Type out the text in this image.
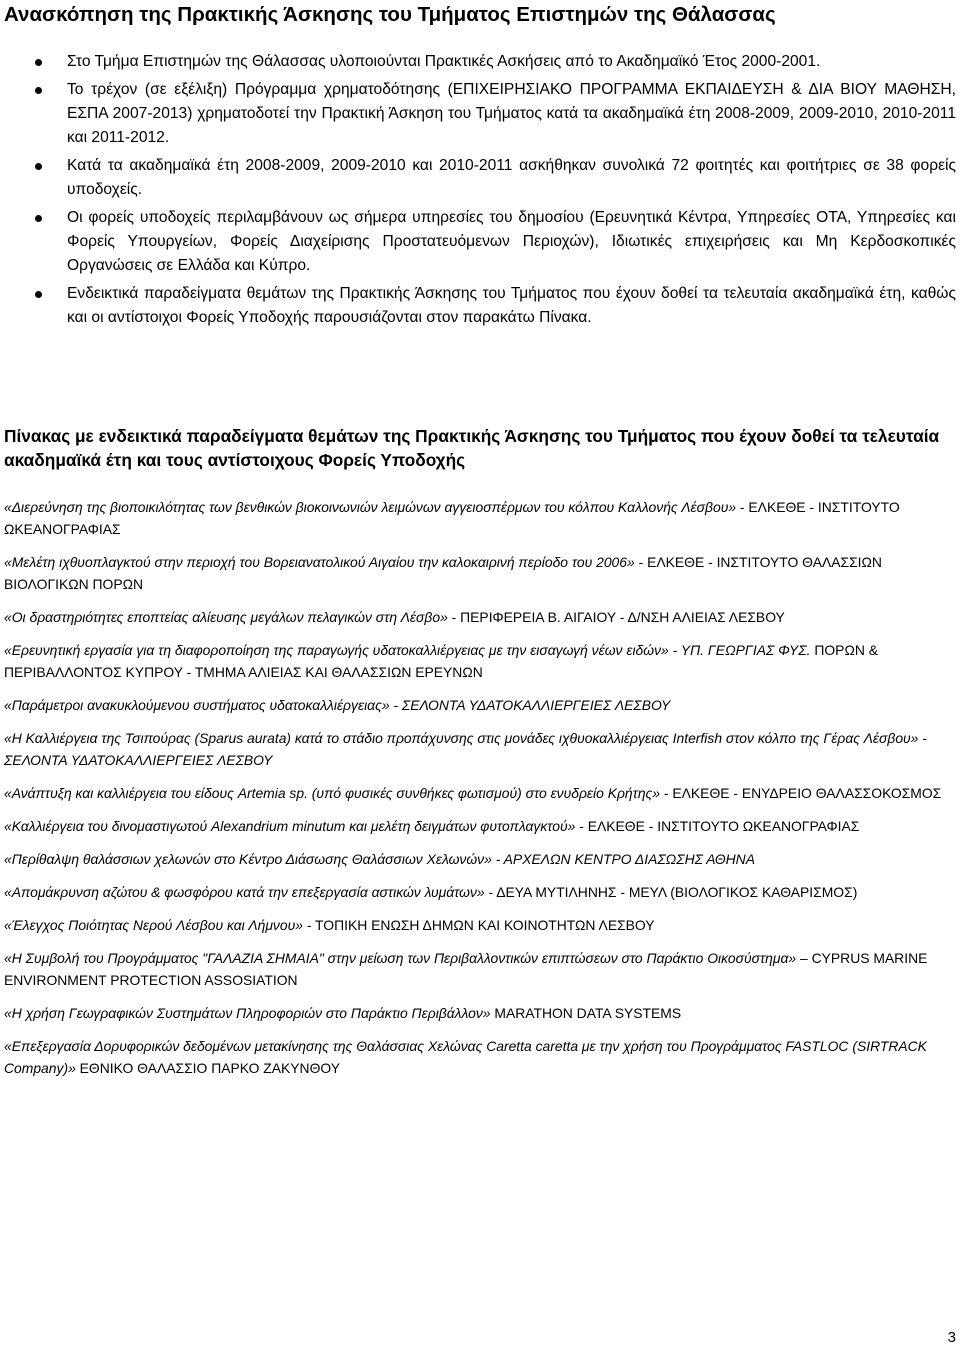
Ανασκόπηση της Πρακτικής Άσκησης του Τμήματος Επιστημών της Θάλασσας
Στο Τμήμα Επιστημών της Θάλασσας υλοποιούνται Πρακτικές Ασκήσεις από το Ακαδημαϊκό Έτος 2000-2001.
Το τρέχον (σε εξέλιξη) Πρόγραμμα χρηματοδότησης (ΕΠΙΧΕΙΡΗΣΙΑΚΟ ΠΡΟΓΡΑΜΜΑ ΕΚΠΑΙΔΕΥΣΗ & ΔΙΑ ΒΙΟΥ ΜΑΘΗΣΗ, ΕΣΠΑ 2007-2013) χρηματοδοτεί την Πρακτική Άσκηση του Τμήματος κατά τα ακαδημαϊκά έτη 2008-2009, 2009-2010, 2010-2011 και 2011-2012.
Κατά τα ακαδημαϊκά έτη 2008-2009, 2009-2010 και 2010-2011 ασκήθηκαν συνολικά 72 φοιτητές και φοιτήτριες σε 38 φορείς υποδοχείς.
Οι φορείς υποδοχείς περιλαμβάνουν ως σήμερα υπηρεσίες του δημοσίου (Ερευνητικά Κέντρα, Υπηρεσίες ΟΤΑ, Υπηρεσίες και Φορείς Υπουργείων, Φορείς Διαχείρισης Προστατευόμενων Περιοχών), Ιδιωτικές επιχειρήσεις και Μη Κερδοσκοπικές Οργανώσεις σε Ελλάδα και Κύπρο.
Ενδεικτικά παραδείγματα θεμάτων της Πρακτικής Άσκησης του Τμήματος που έχουν δοθεί τα τελευταία ακαδημαϊκά έτη, καθώς και οι αντίστοιχοι Φορείς Υποδοχής παρουσιάζονται στον παρακάτω Πίνακα.
Πίνακας με ενδεικτικά παραδείγματα θεμάτων της Πρακτικής Άσκησης του Τμήματος που έχουν δοθεί τα τελευταία ακαδημαϊκά έτη και τους αντίστοιχους Φορείς Υποδοχής
«Διερεύνηση της βιοποικιλότητας των βενθικών βιοκοινωνιών λειμώνων αγγειοσπέρμων του κόλπου Καλλονής Λέσβου» - ΕΛΚΕΘΕ - ΙΝΣΤΙΤΟΥΤΟ ΩΚΕΑΝΟΓΡΑΦΙΑΣ
«Μελέτη ιχθυοπλαγκτού στην περιοχή του Βορειανατολικού Αιγαίου την καλοκαιρινή περίοδο του 2006» - ΕΛΚΕΘΕ - ΙΝΣΤΙΤΟΥΤΟ ΘΑΛΑΣΣΙΩΝ ΒΙΟΛΟΓΙΚΩΝ ΠΟΡΩΝ
«Οι δραστηριότητες εποπτείας αλίευσης μεγάλων πελαγικών στη Λέσβο» - ΠΕΡΙΦΕΡΕΙΑ Β. ΑΙΓΑΙΟΥ - Δ/ΝΣΗ ΑΛΙΕΙΑΣ ΛΕΣΒΟΥ
«Ερευνητική εργασία για τη διαφοροποίηση της παραγωγής υδατοκαλλιέργειας με την εισαγωγή νέων ειδών» - ΥΠ. ΓΕΩΡΓΙΑΣ ΦΥΣ. ΠΟΡΩΝ & ΠΕΡΙΒΑΛΛΟΝΤΟΣ ΚΥΠΡΟΥ - ΤΜΗΜΑ ΑΛΙΕΙΑΣ ΚΑΙ ΘΑΛΑΣΣΙΩΝ ΕΡΕΥΝΩΝ
«Παράμετροι ανακυκλούμενου συστήματος υδατοκαλλιέργειας» - ΣΕΛΟΝΤΑ ΥΔΑΤΟΚΑΛΛΙΕΡΓΕΙΕΣ ΛΕΣΒΟΥ
«Η Καλλιέργεια της Τσιπούρας (Sparus aurata) κατά το στάδιο προπάχυνσης στις μονάδες ιχθυοκαλλιέργειας Interfish στον κόλπο της Γέρας Λέσβου» - ΣΕΛΟΝΤΑ ΥΔΑΤΟΚΑΛΛΙΕΡΓΕΙΕΣ ΛΕΣΒΟΥ
«Ανάπτυξη και καλλιέργεια του είδους Artemia sp. (υπό φυσικές συνθήκες φωτισμού) στο ενυδρείο Κρήτης» - ΕΛΚΕΘΕ - ΕΝΥΔΡΕΙΟ ΘΑΛΑΣΣΟΚΟΣΜΟΣ
«Καλλιέργεια του δινομαστιγωτού Alexandrium minutum και μελέτη δειγμάτων φυτοπλαγκτού» - ΕΛΚΕΘΕ - ΙΝΣΤΙΤΟΥΤΟ ΩΚΕΑΝΟΓΡΑΦΙΑΣ
«Περίθαλψη θαλάσσιων χελωνών στο Κέντρο Διάσωσης Θαλάσσιων Χελωνών» - ΑΡΧΕΛΩΝ ΚΕΝΤΡΟ ΔΙΑΣΩΣΗΣ ΑΘΗΝΑ
«Απομάκρυνση αζώτου & φωσφόρου κατά την επεξεργασία αστικών λυμάτων» - ΔΕΥΑ ΜΥΤΙΛΗΝΗΣ - ΜΕΥΛ (ΒΙΟΛΟΓΙΚΟΣ ΚΑΘΑΡΙΣΜΟΣ)
«Έλεγχος Ποιότητας Νερού Λέσβου και Λήμνου» - ΤΟΠΙΚΗ ΕΝΩΣΗ ΔΗΜΩΝ ΚΑΙ ΚΟΙΝΟΤΗΤΩΝ ΛΕΣΒΟΥ
«Η Συμβολή του Προγράμματος "ΓΑΛΑΖΙΑ ΣΗΜΑΙΑ" στην μείωση των Περιβαλλοντικών επιπτώσεων στο Παράκτιο Οικοσύστημα» – CYPRUS MARINE ENVIRONMENT PROTECTION ASSOSIATION
«Η χρήση Γεωγραφικών Συστημάτων Πληροφοριών στο Παράκτιο Περιβάλλον» MARATHON DATA SYSTEMS
«Επεξεργασία Δορυφορικών δεδομένων μετακίνησης της Θαλάσσιας Χελώνας Caretta caretta με την χρήση του Προγράμματος FASTLOC (SIRTRACK Company)» ΕΘΝΙΚΟ ΘΑΛΑΣΣΙΟ ΠΑΡΚΟ ΖΑΚΥΝΘΟΥ
3
